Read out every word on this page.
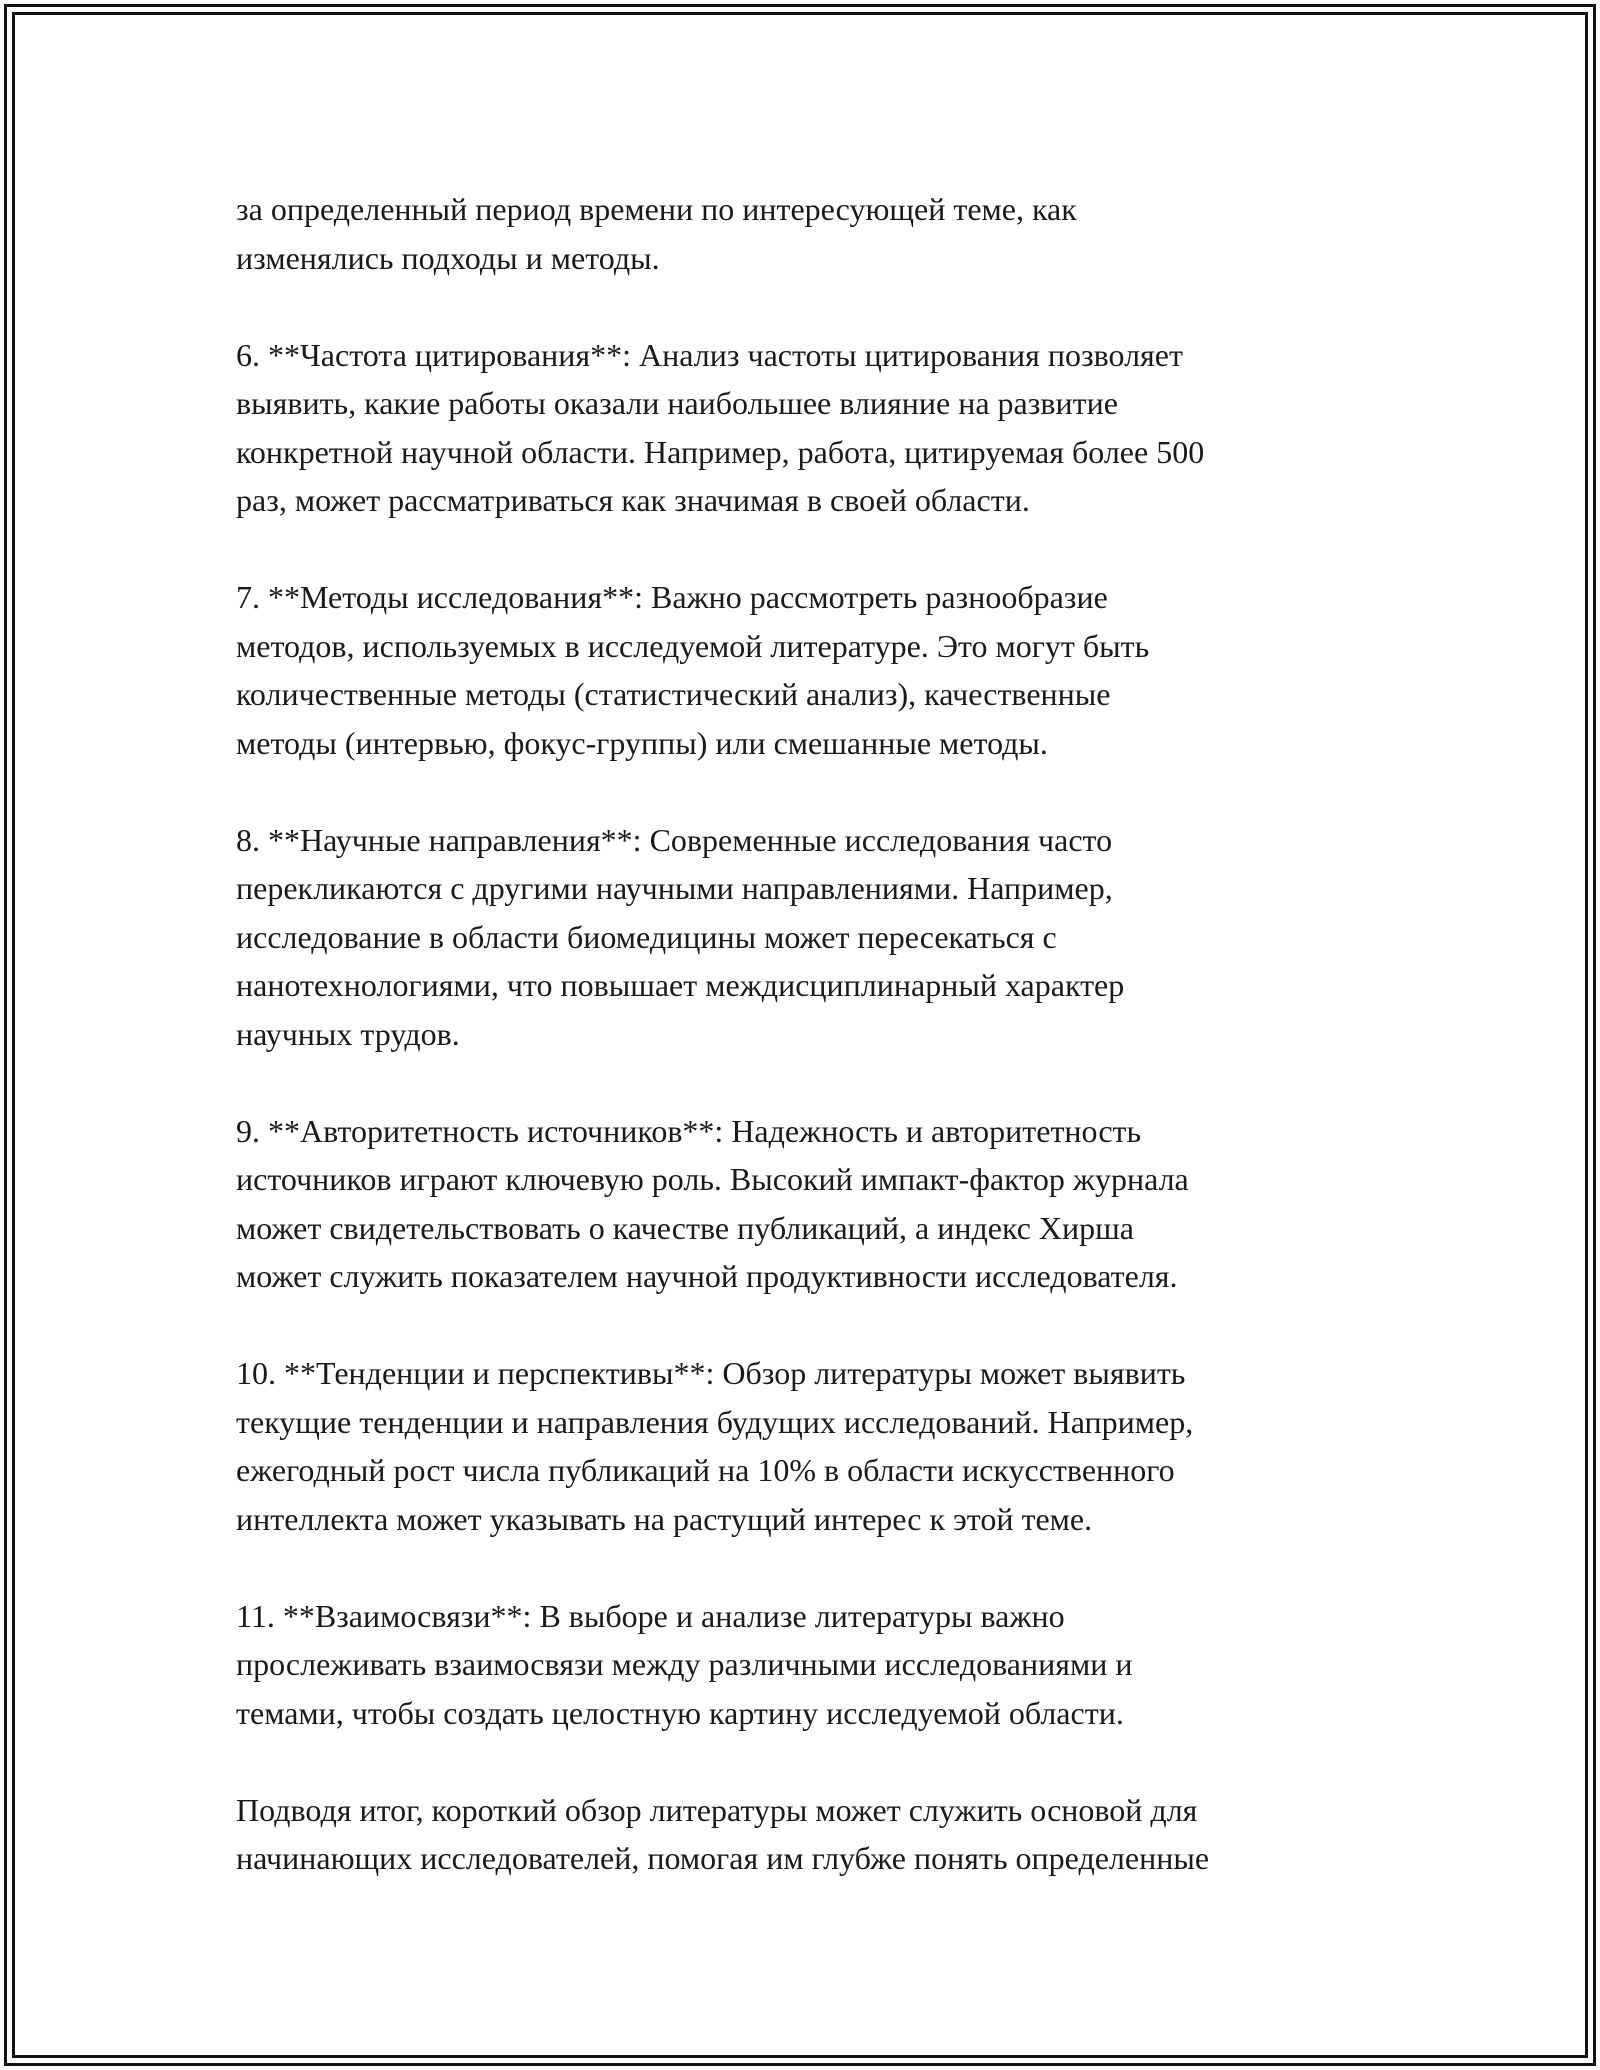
за определенный период времени по интересующей теме, как
изменялись подходы и методы.

6. **Частота цитирования**: Анализ частоты цитирования позволяет
выявить, какие работы оказали наибольшее влияние на развитие
конкретной научной области. Например, работа, цитируемая более 500
раз, может рассматриваться как значимая в своей области.

7. **Методы исследования**: Важно рассмотреть разнообразие
методов, используемых в исследуемой литературе. Это могут быть
количественные методы (статистический анализ), качественные
методы (интервью, фокус-группы) или смешанные методы.

8. **Научные направления**: Современные исследования часто
перекликаются с другими научными направлениями. Например,
исследование в области биомедицины может пересекаться с
нанотехнологиями, что повышает междисциплинарный характер
научных трудов.

9. **Авторитетность источников**: Надежность и авторитетность
источников играют ключевую роль. Высокий импакт-фактор журнала
может свидетельствовать о качестве публикаций, а индекс Хирша
может служить показателем научной продуктивности исследователя.

10. **Тенденции и перспективы**: Обзор литературы может выявить
текущие тенденции и направления будущих исследований. Например,
ежегодный рост числа публикаций на 10% в области искусственного
интеллекта может указывать на растущий интерес к этой теме.

11. **Взаимосвязи**: В выборе и анализе литературы важно
прослеживать взаимосвязи между различными исследованиями и
темами, чтобы создать целостную картину исследуемой области.

Подводя итог, короткий обзор литературы может служить основой для
начинающих исследователей, помогая им глубже понять определенные
